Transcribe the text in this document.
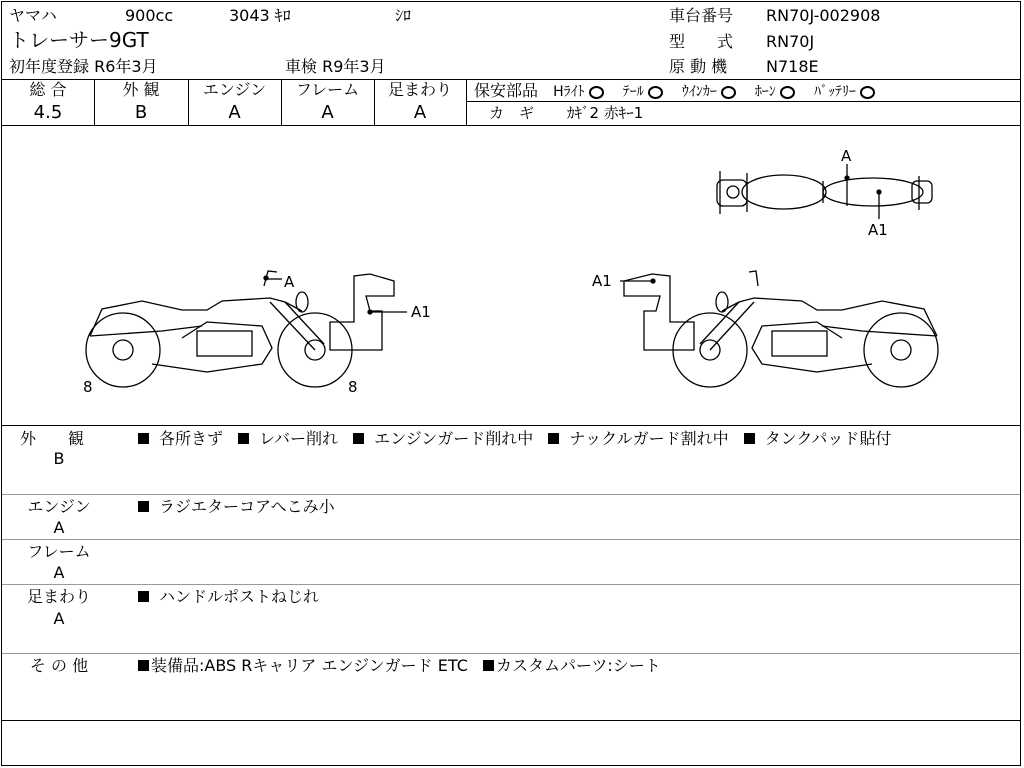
ヤマハ	900cc	3043 ｷﾛ	ｼﾛ
トレーサー9GT
初年度登録 R6年3月	車検 R9年3月
車台番号 RN70J-002908
型　　式 RN70J
原 動 機 N718E
総 合	外 観	エンジン	フレーム	足まわり
4.5	B	A	A	A
保安部品 Hﾗｲﾄ	ﾃｰﾙ	ｳｲﾝｶｰ	ﾎｰﾝ	ﾊﾞｯﾃﾘｰ
カ　ギ ｶｷﾞ2 赤ｷｰ1
A
A1
A
A1
8	8
A1
外　　観
B
各所きず レバー削れ エンジンガード削れ中 ナックルガード割れ中 タンクパッド貼付
エンジン
A
ラジエターコアへこみ小
フレーム
A
足まわり
A
ハンドルポストねじれ
そ の 他	装備品:ABS Rキャリア エンジンガード ETC カスタムパーツ:シート
